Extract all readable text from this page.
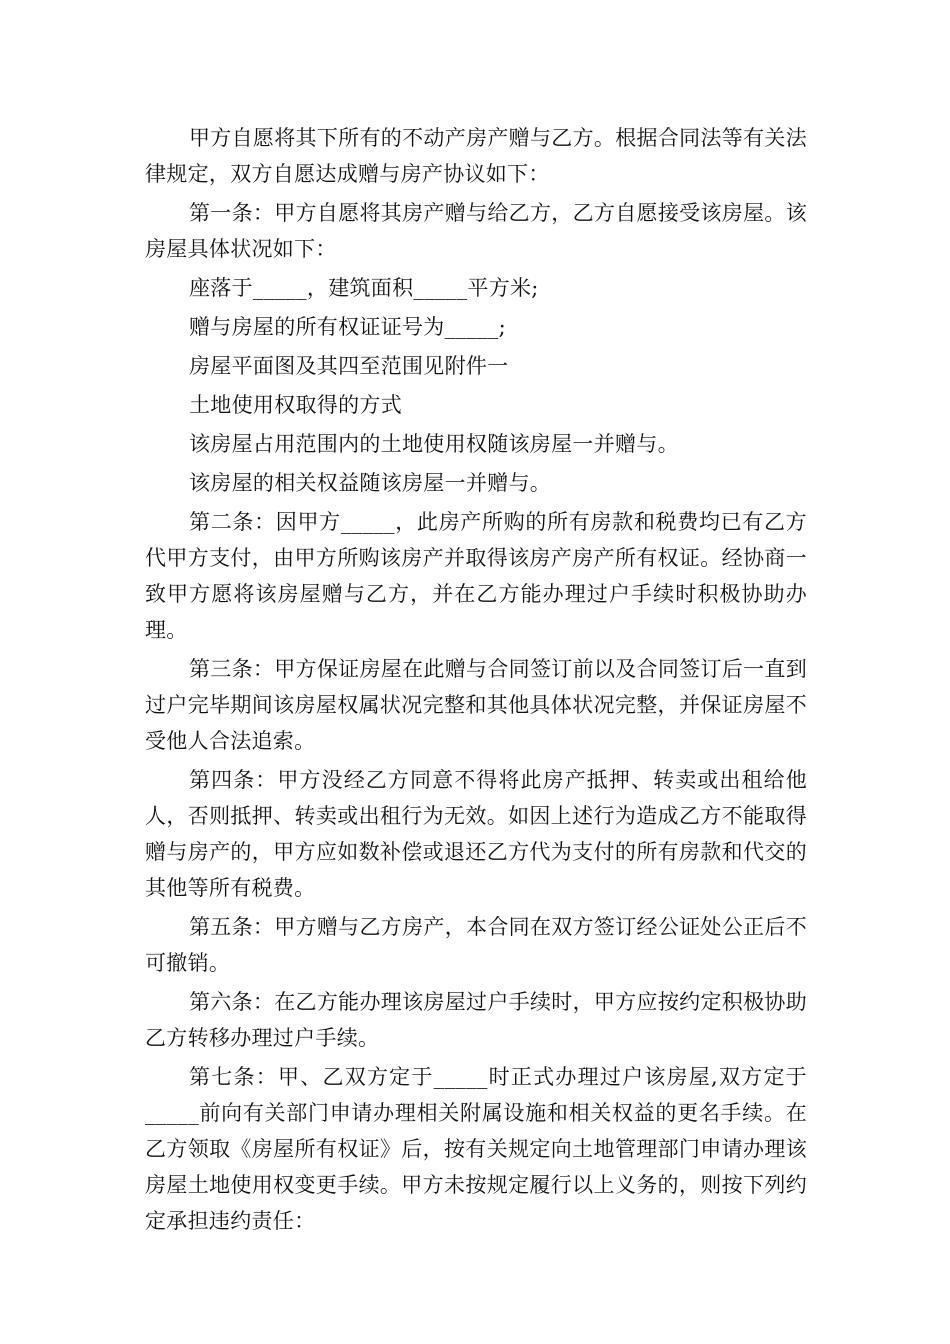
甲方自愿将其下所有的不动产房产赠与乙方。根据合同法等有关法律规定，双方自愿达成赠与房产协议如下：

第一条：甲方自愿将其房产赠与给乙方，乙方自愿接受该房屋。该房屋具体状况如下：

座落于_____，建筑面积_____平方米;

赠与房屋的所有权证证号为_____;

房屋平面图及其四至范围见附件一

土地使用权取得的方式

该房屋占用范围内的土地使用权随该房屋一并赠与。

该房屋的相关权益随该房屋一并赠与。

第二条：因甲方_____，此房产所购的所有房款和税费均已有乙方代甲方支付，由甲方所购该房产并取得该房产房产所有权证。经协商一致甲方愿将该房屋赠与乙方，并在乙方能办理过户手续时积极协助办理。

第三条：甲方保证房屋在此赠与合同签订前以及合同签订后一直到过户完毕期间该房屋权属状况完整和其他具体状况完整，并保证房屋不受他人合法追索。

第四条：甲方没经乙方同意不得将此房产抵押、转卖或出租给他人，否则抵押、转卖或出租行为无效。如因上述行为造成乙方不能取得赠与房产的，甲方应如数补偿或退还乙方代为支付的所有房款和代交的其他等所有税费。

第五条：甲方赠与乙方房产，本合同在双方签订经公证处公正后不可撤销。

第六条：在乙方能办理该房屋过户手续时，甲方应按约定积极协助乙方转移办理过户手续。

第七条：甲、乙双方定于_____时正式办理过户该房屋,双方定于_____前向有关部门申请办理相关附属设施和相关权益的更名手续。在乙方领取《房屋所有权证》后，按有关规定向土地管理部门申请办理该房屋土地使用权变更手续。甲方未按规定履行以上义务的，则按下列约定承担违约责任：
